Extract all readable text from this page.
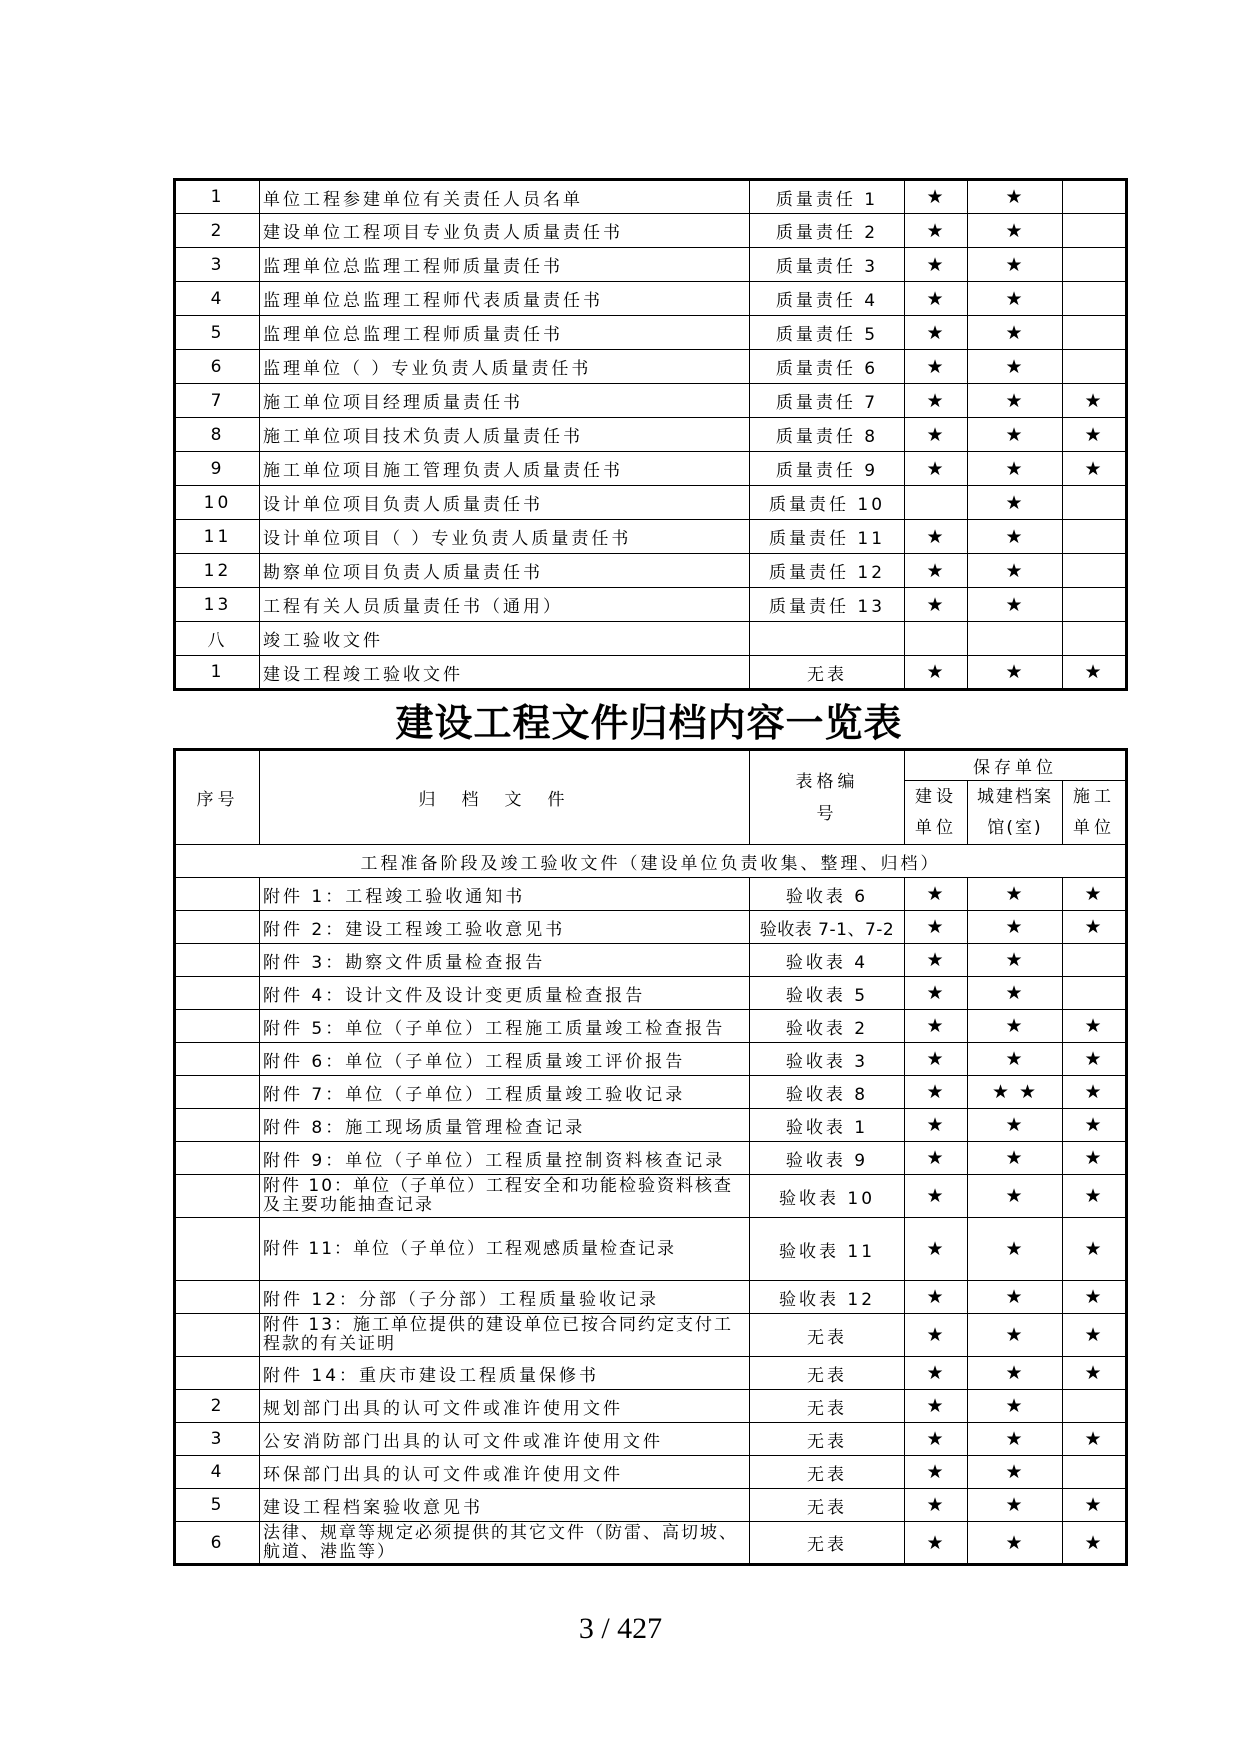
1	单位工程参建单位有关责任人员名单	质量责任 1	★	★	
2	建设单位工程项目专业负责人质量责任书	质量责任 2	★	★	
3	监理单位总监理工程师质量责任书	质量责任 3	★	★	
4	监理单位总监理工程师代表质量责任书	质量责任 4	★	★	
5	监理单位总监理工程师质量责任书	质量责任 5	★	★	
6	监理单位（ ）专业负责人质量责任书	质量责任 6	★	★	
7	施工单位项目经理质量责任书	质量责任 7	★	★	★
8	施工单位项目技术负责人质量责任书	质量责任 8	★	★	★
9	施工单位项目施工管理负责人质量责任书	质量责任 9	★	★	★
10	设计单位项目负责人质量责任书	质量责任 10		★	
11	设计单位项目（ ）专业负责人质量责任书	质量责任 11	★	★	
12	勘察单位项目负责人质量责任书	质量责任 12	★	★	
13	工程有关人员质量责任书（通用）	质量责任 13	★	★	
八	竣工验收文件				
1	建设工程竣工验收文件	无表	★	★	★
建设工程文件归档内容一览表
序号	归档文件	表格编号	保存单位		
			建设单位	城建档案馆(室)	施工单位

工程准备阶段及竣工验收文件（建设单位负责收集、整理、归档）					
	附件 1：工程竣工验收通知书	验收表 6	★	★	★
	附件 2：建设工程竣工验收意见书	验收表 7-1、7-2	★	★	★
	附件 3：勘察文件质量检查报告	验收表 4	★	★	
	附件 4：设计文件及设计变更质量检查报告	验收表 5	★	★	
	附件 5：单位（子单位）工程施工质量竣工检查报告	验收表 2	★	★	★
	附件 6：单位（子单位）工程质量竣工评价报告	验收表 3	★	★	★
	附件 7：单位（子单位）工程质量竣工验收记录	验收表 8	★	★ ★	★
	附件 8：施工现场质量管理检查记录	验收表 1	★	★	★
	附件 9：单位（子单位）工程质量控制资料核查记录	验收表 9	★	★	★
	附件 10：单位（子单位）工程安全和功能检验资料核查及主要功能抽查记录	验收表 10	★	★	★
	附件 11：单位（子单位）工程观感质量检查记录	验收表 11	★	★	★
	附件 12：分部（子分部）工程质量验收记录	验收表 12	★	★	★
	附件 13：施工单位提供的建设单位已按合同约定支付工程款的有关证明	无表	★	★	★
	附件 14：重庆市建设工程质量保修书	无表	★	★	★
2	规划部门出具的认可文件或准许使用文件	无表	★	★	
3	公安消防部门出具的认可文件或准许使用文件	无表	★	★	★
4	环保部门出具的认可文件或准许使用文件	无表	★	★	
5	建设工程档案验收意见书	无表	★	★	★
6	法律、规章等规定必须提供的其它文件（防雷、高切坡、航道、港监等）	无表	★	★	★
3 / 427
